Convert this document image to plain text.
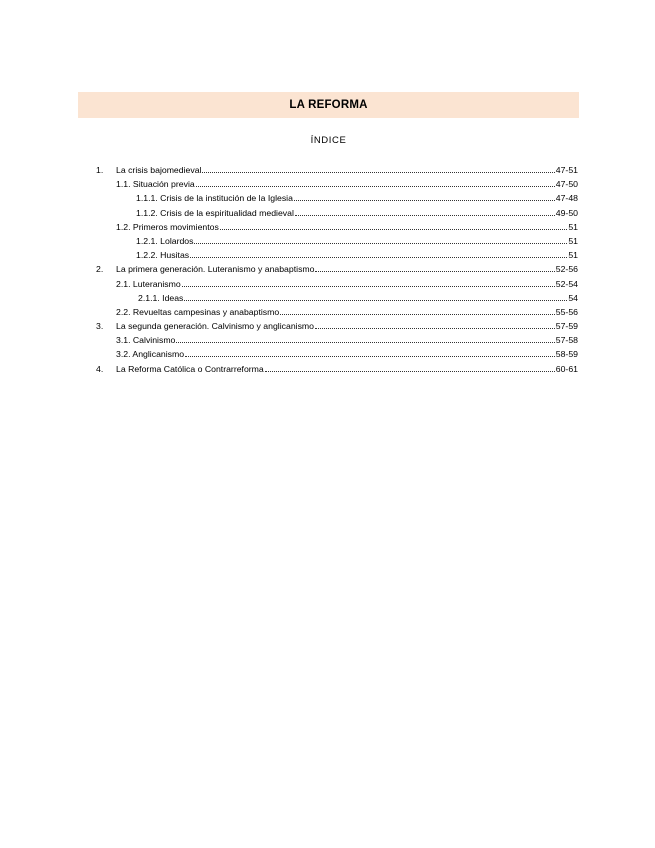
LA REFORMA
ÍNDICE
1.	La crisis bajomedieval	47-51
1.1. Situación previa	47-50
1.1.1. Crisis de la institución de la Iglesia	47-48
1.1.2. Crisis de la espiritualidad medieval	49-50
1.2. Primeros movimientos	51
1.2.1. Lolardos	51
1.2.2. Husitas	51
2.	La primera generación. Luteranismo y anabaptismo	52-56
2.1. Luteranismo	52-54
2.1.1. Ideas	54
2.2. Revueltas campesinas y anabaptismo	55-56
3.	La segunda generación. Calvinismo y anglicanismo	57-59
3.1. Calvinismo	57-58
3.2. Anglicanismo	58-59
4.	La Reforma Católica o Contrarreforma	60-61
